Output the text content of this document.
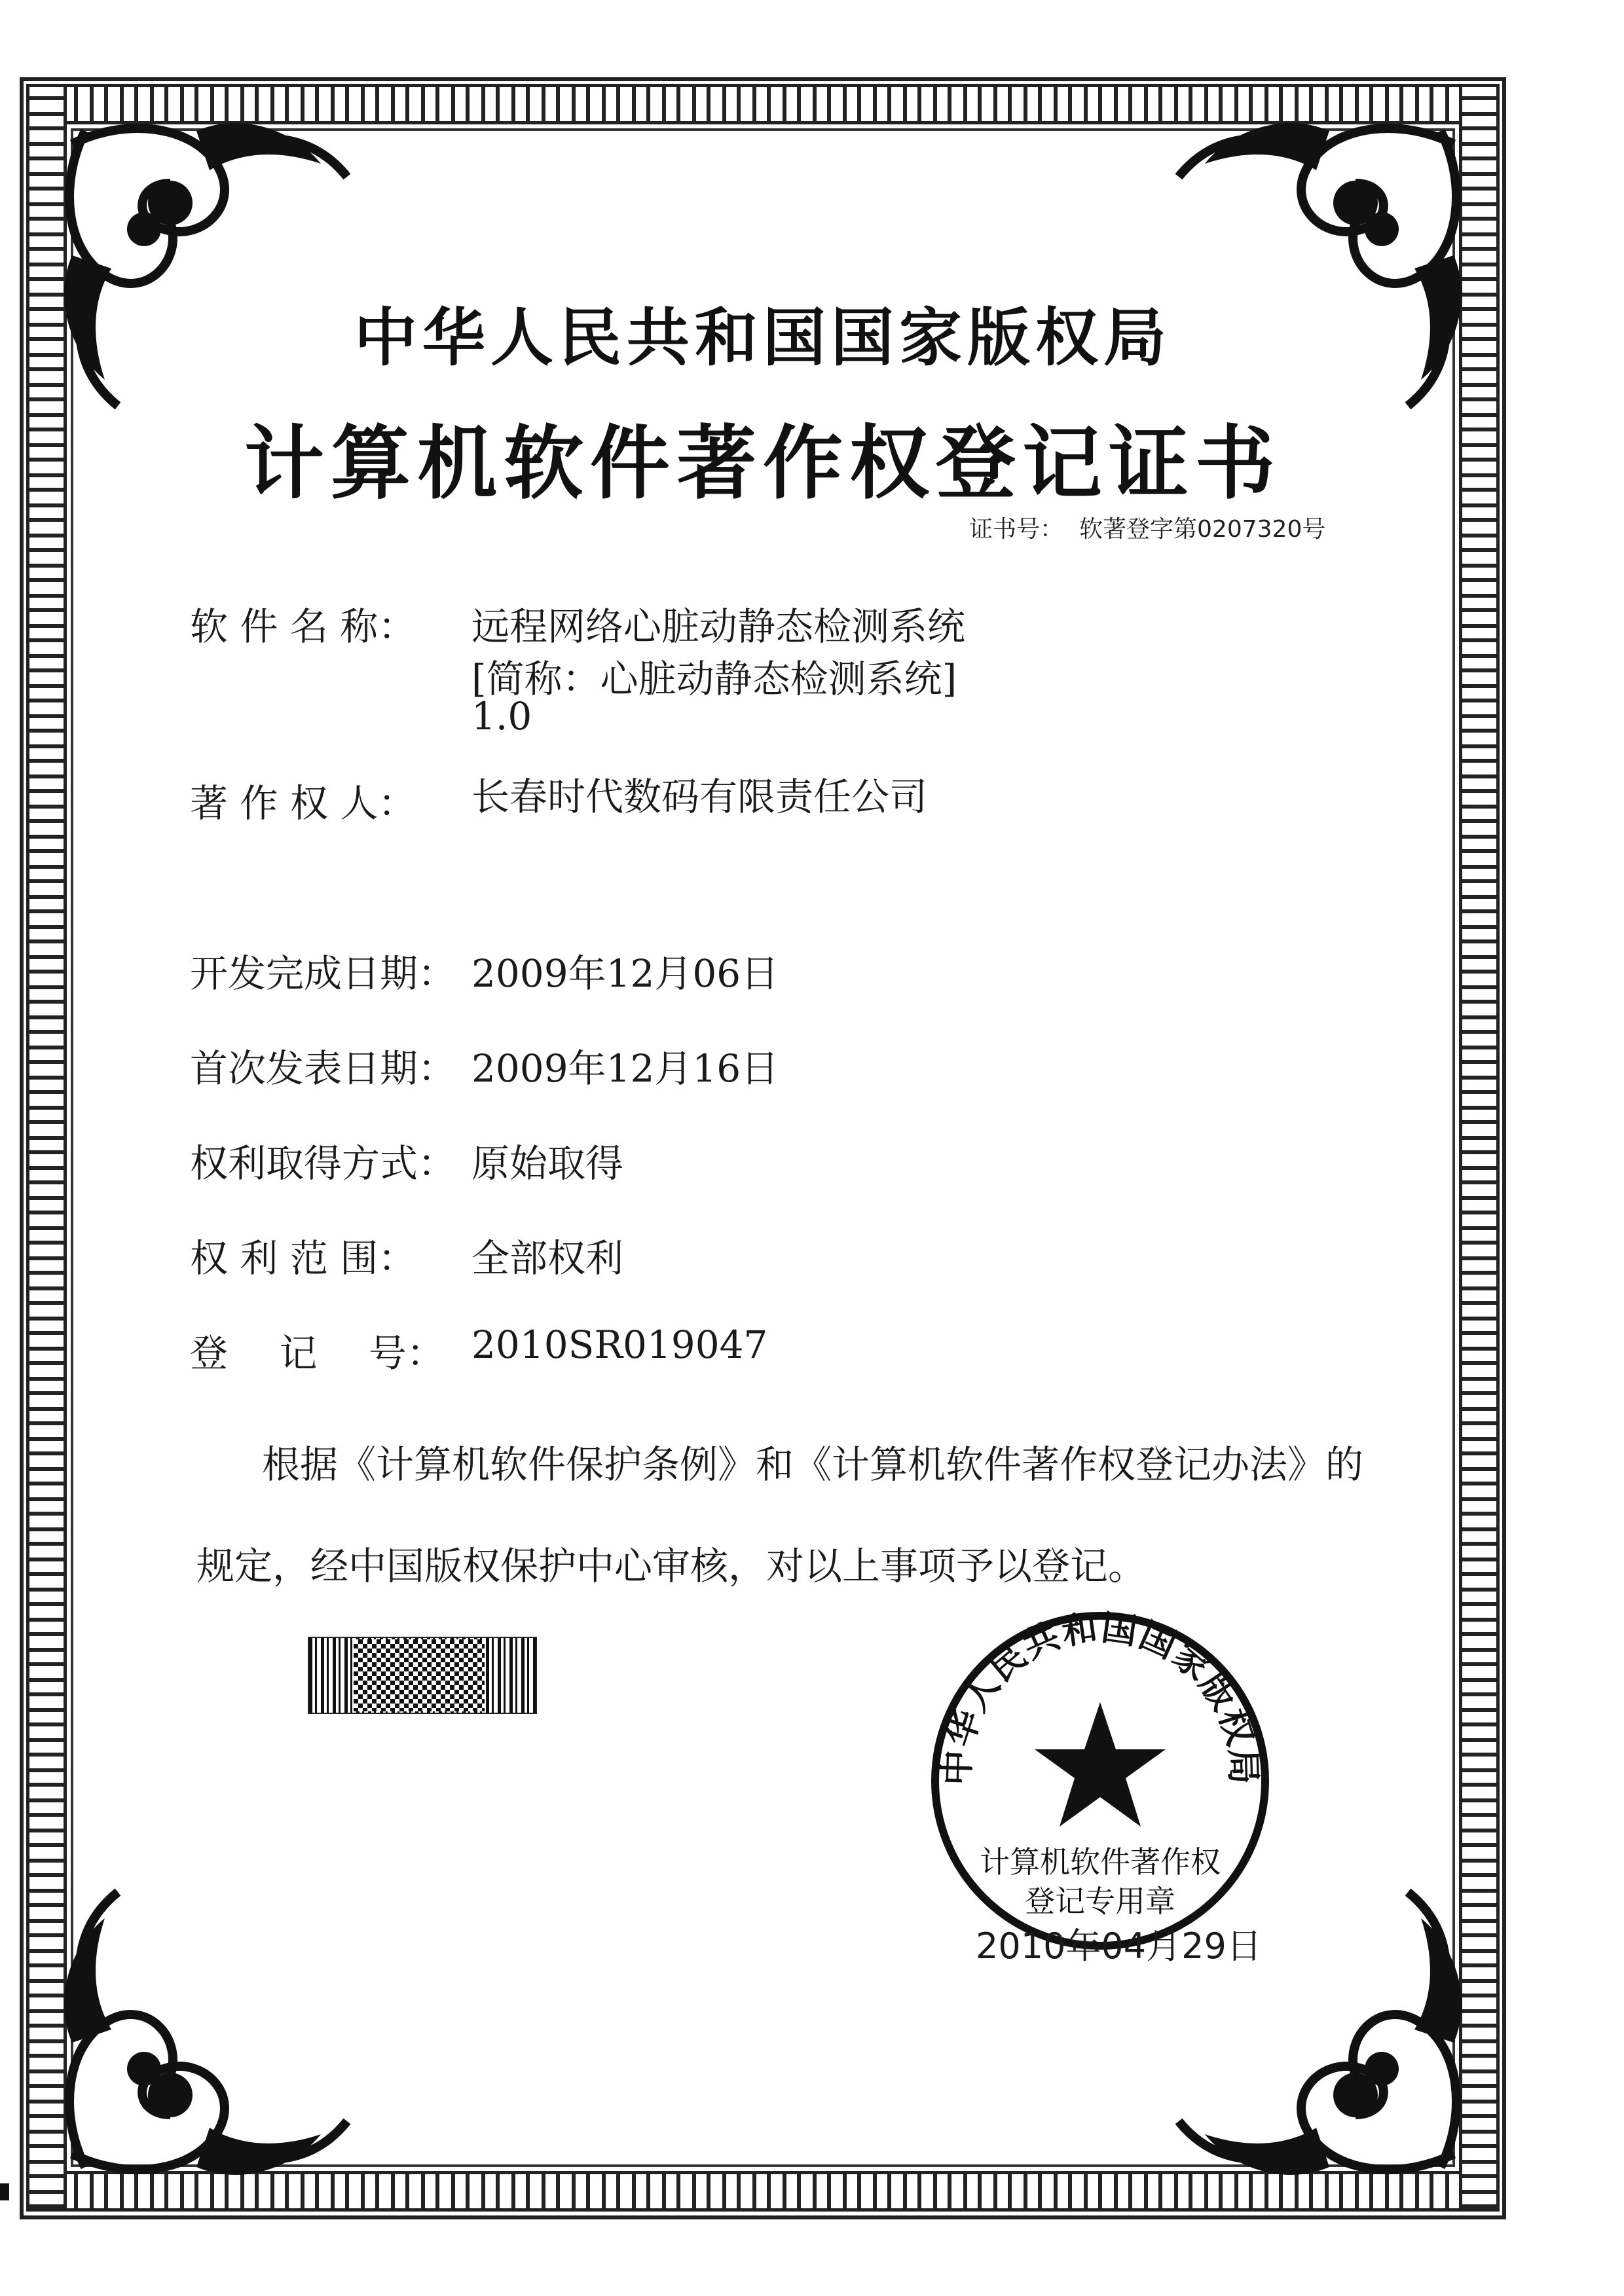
中华人民共和国国家版权局
计算机软件著作权登记证书
证书号： 软著登字第0207320号
软 件 名 称：	远程网络心脏动静态检测系统
[简称：心脏动静态检测系统]
1.0
著 作 权 人：	长春时代数码有限责任公司
开发完成日期： 2009年12月06日
首次发表日期： 2009年12月16日
权利取得方式： 原始取得
权 利 范 围：	全部权利
登 记 号： 2010SR019047
根据《计算机软件保护条例》和《计算机软件著作权登记办法》的
规定，经中国版权保护中心审核，对以上事项予以登记。
中华人民共和国国家版权局
计算机软件著作权
登记专用章
2010年04月29日
